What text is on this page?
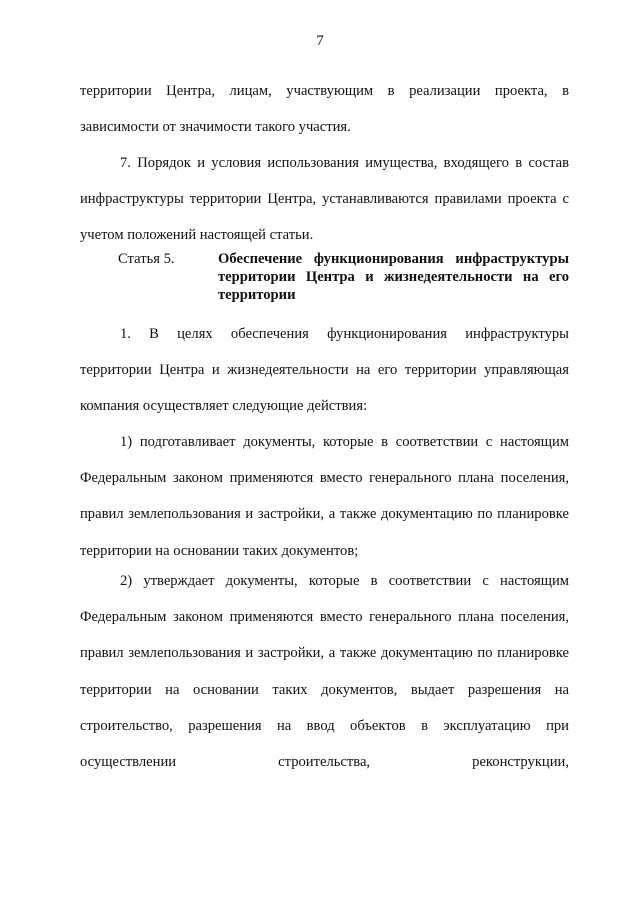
7

территории Центра, лицам, участвующим в реализации проекта, в зависимости от значимости такого участия.

7. Порядок и условия использования имущества, входящего в состав инфраструктуры территории Центра, устанавливаются правилами проекта с учетом положений настоящей статьи.

Статья 5.	Обеспечение функционирования инфраструктуры территории Центра и жизнедеятельности на его территории

1. В целях обеспечения функционирования инфраструктуры территории Центра и жизнедеятельности на его территории управляющая компания осуществляет следующие действия:

1) подготавливает документы, которые в соответствии с настоящим Федеральным законом применяются вместо генерального плана поселения, правил землепользования и застройки, а также документацию по планировке территории на основании таких документов;

2) утверждает документы, которые в соответствии с настоящим Федеральным законом применяются вместо генерального плана поселения, правил землепользования и застройки, а также документацию по планировке территории на основании таких документов, выдает разрешения на строительство, разрешения на ввод объектов в эксплуатацию при осуществлении строительства, реконструкции,
